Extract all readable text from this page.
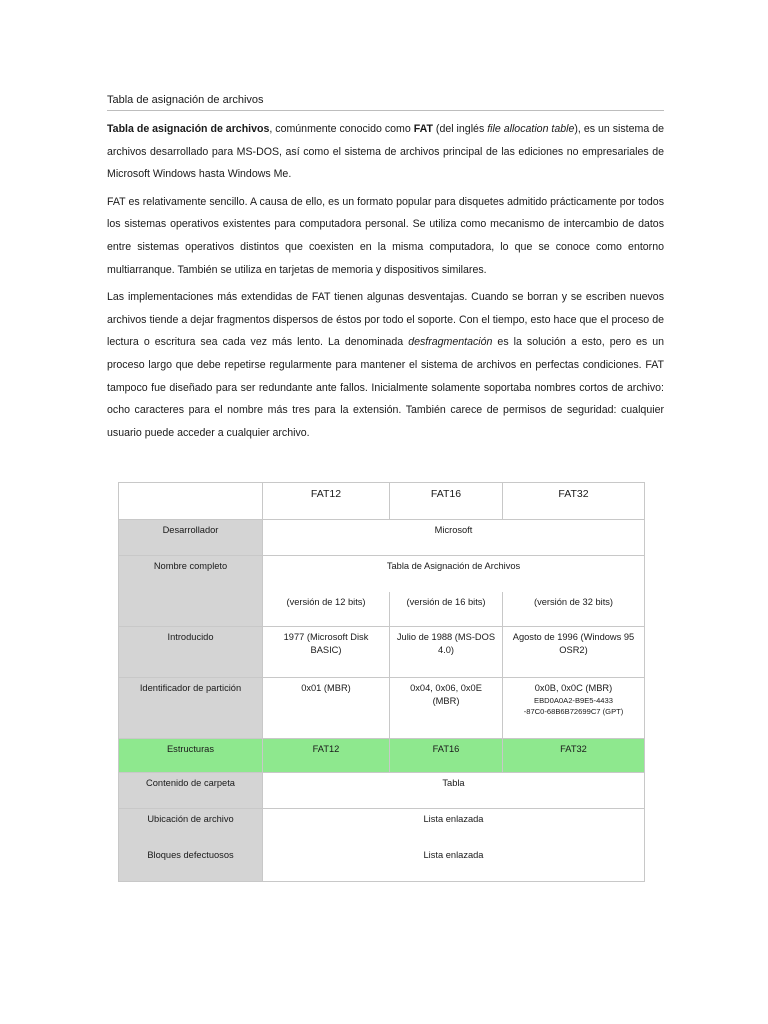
Tabla de asignación de archivos

Tabla de asignación de archivos, comúnmente conocido como FAT (del inglés file allocation table), es un sistema de archivos desarrollado para MS-DOS, así como el sistema de archivos principal de las ediciones no empresariales de Microsoft Windows hasta Windows Me.

FAT es relativamente sencillo. A causa de ello, es un formato popular para disquetes admitido prácticamente por todos los sistemas operativos existentes para computadora personal. Se utiliza como mecanismo de intercambio de datos entre sistemas operativos distintos que coexisten en la misma computadora, lo que se conoce como entorno multiarranque. También se utiliza en tarjetas de memoria y dispositivos similares.

Las implementaciones más extendidas de FAT tienen algunas desventajas. Cuando se borran y se escriben nuevos archivos tiende a dejar fragmentos dispersos de éstos por todo el soporte. Con el tiempo, esto hace que el proceso de lectura o escritura sea cada vez más lento. La denominada desfragmentación es la solución a esto, pero es un proceso largo que debe repetirse regularmente para mantener el sistema de archivos en perfectas condiciones. FAT tampoco fue diseñado para ser redundante ante fallos. Inicialmente solamente soportaba nombres cortos de archivo: ocho caracteres para el nombre más tres para la extensión. También carece de permisos de seguridad: cualquier usuario puede acceder a cualquier archivo.

	FAT12	FAT16	FAT32
Desarrollador	Microsoft		
Nombre completo	Tabla de Asignación de Archivos		
	(versión de 12 bits)	(versión de 16 bits)	(versión de 32 bits)
Introducido	1977 (Microsoft Disk BASIC)	Julio de 1988 (MS-DOS 4.0)	Agosto de 1996 (Windows 95 OSR2)
Identificador de partición	0x01 (MBR)	0x04, 0x06, 0x0E (MBR)	0x0B, 0x0C (MBR)
EBD0A0A2-B9E5-4433
-87C0-68B6B72699C7 (GPT)

Estructuras	FAT12	FAT16	FAT32
Contenido de carpeta	Tabla		
Ubicación de archivo	Lista enlazada		
Bloques defectuosos	Lista enlazada		
